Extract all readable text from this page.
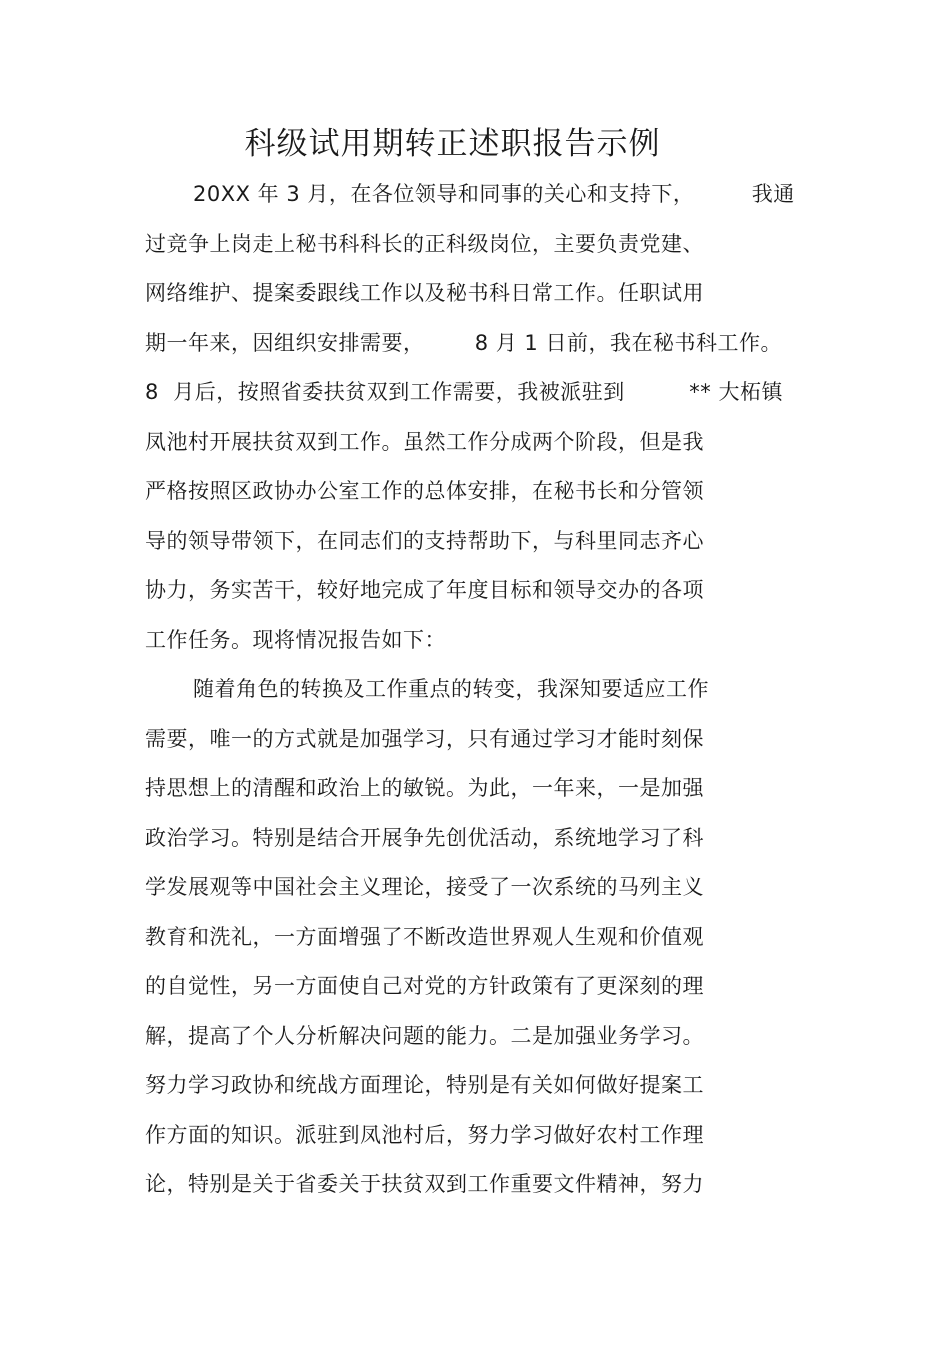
科级试用期转正述职报告示例
20XX 年 3 月，在各位领导和同事的关心和支持下，        我通
过竞争上岗走上秘书科科长的正科级岗位，主要负责党建、
网络维护、提案委跟线工作以及秘书科日常工作。任职试用
期一年来，因组织安排需要，       8 月 1 日前，我在秘书科工作。
8  月后，按照省委扶贫双到工作需要，我被派驻到         ** 大柘镇
凤池村开展扶贫双到工作。虽然工作分成两个阶段，但是我
严格按照区政协办公室工作的总体安排，在秘书长和分管领
导的领导带领下，在同志们的支持帮助下，与科里同志齐心
协力，务实苦干，较好地完成了年度目标和领导交办的各项
工作任务。现将情况报告如下：
随着角色的转换及工作重点的转变，我深知要适应工作
需要，唯一的方式就是加强学习，只有通过学习才能时刻保
持思想上的清醒和政治上的敏锐。为此，一年来，一是加强
政治学习。特别是结合开展争先创优活动，系统地学习了科
学发展观等中国社会主义理论，接受了一次系统的马列主义
教育和洗礼，一方面增强了不断改造世界观人生观和价值观
的自觉性，另一方面使自己对党的方针政策有了更深刻的理
解，提高了个人分析解决问题的能力。二是加强业务学习。
努力学习政协和统战方面理论，特别是有关如何做好提案工
作方面的知识。派驻到凤池村后，努力学习做好农村工作理
论，特别是关于省委关于扶贫双到工作重要文件精神，努力
